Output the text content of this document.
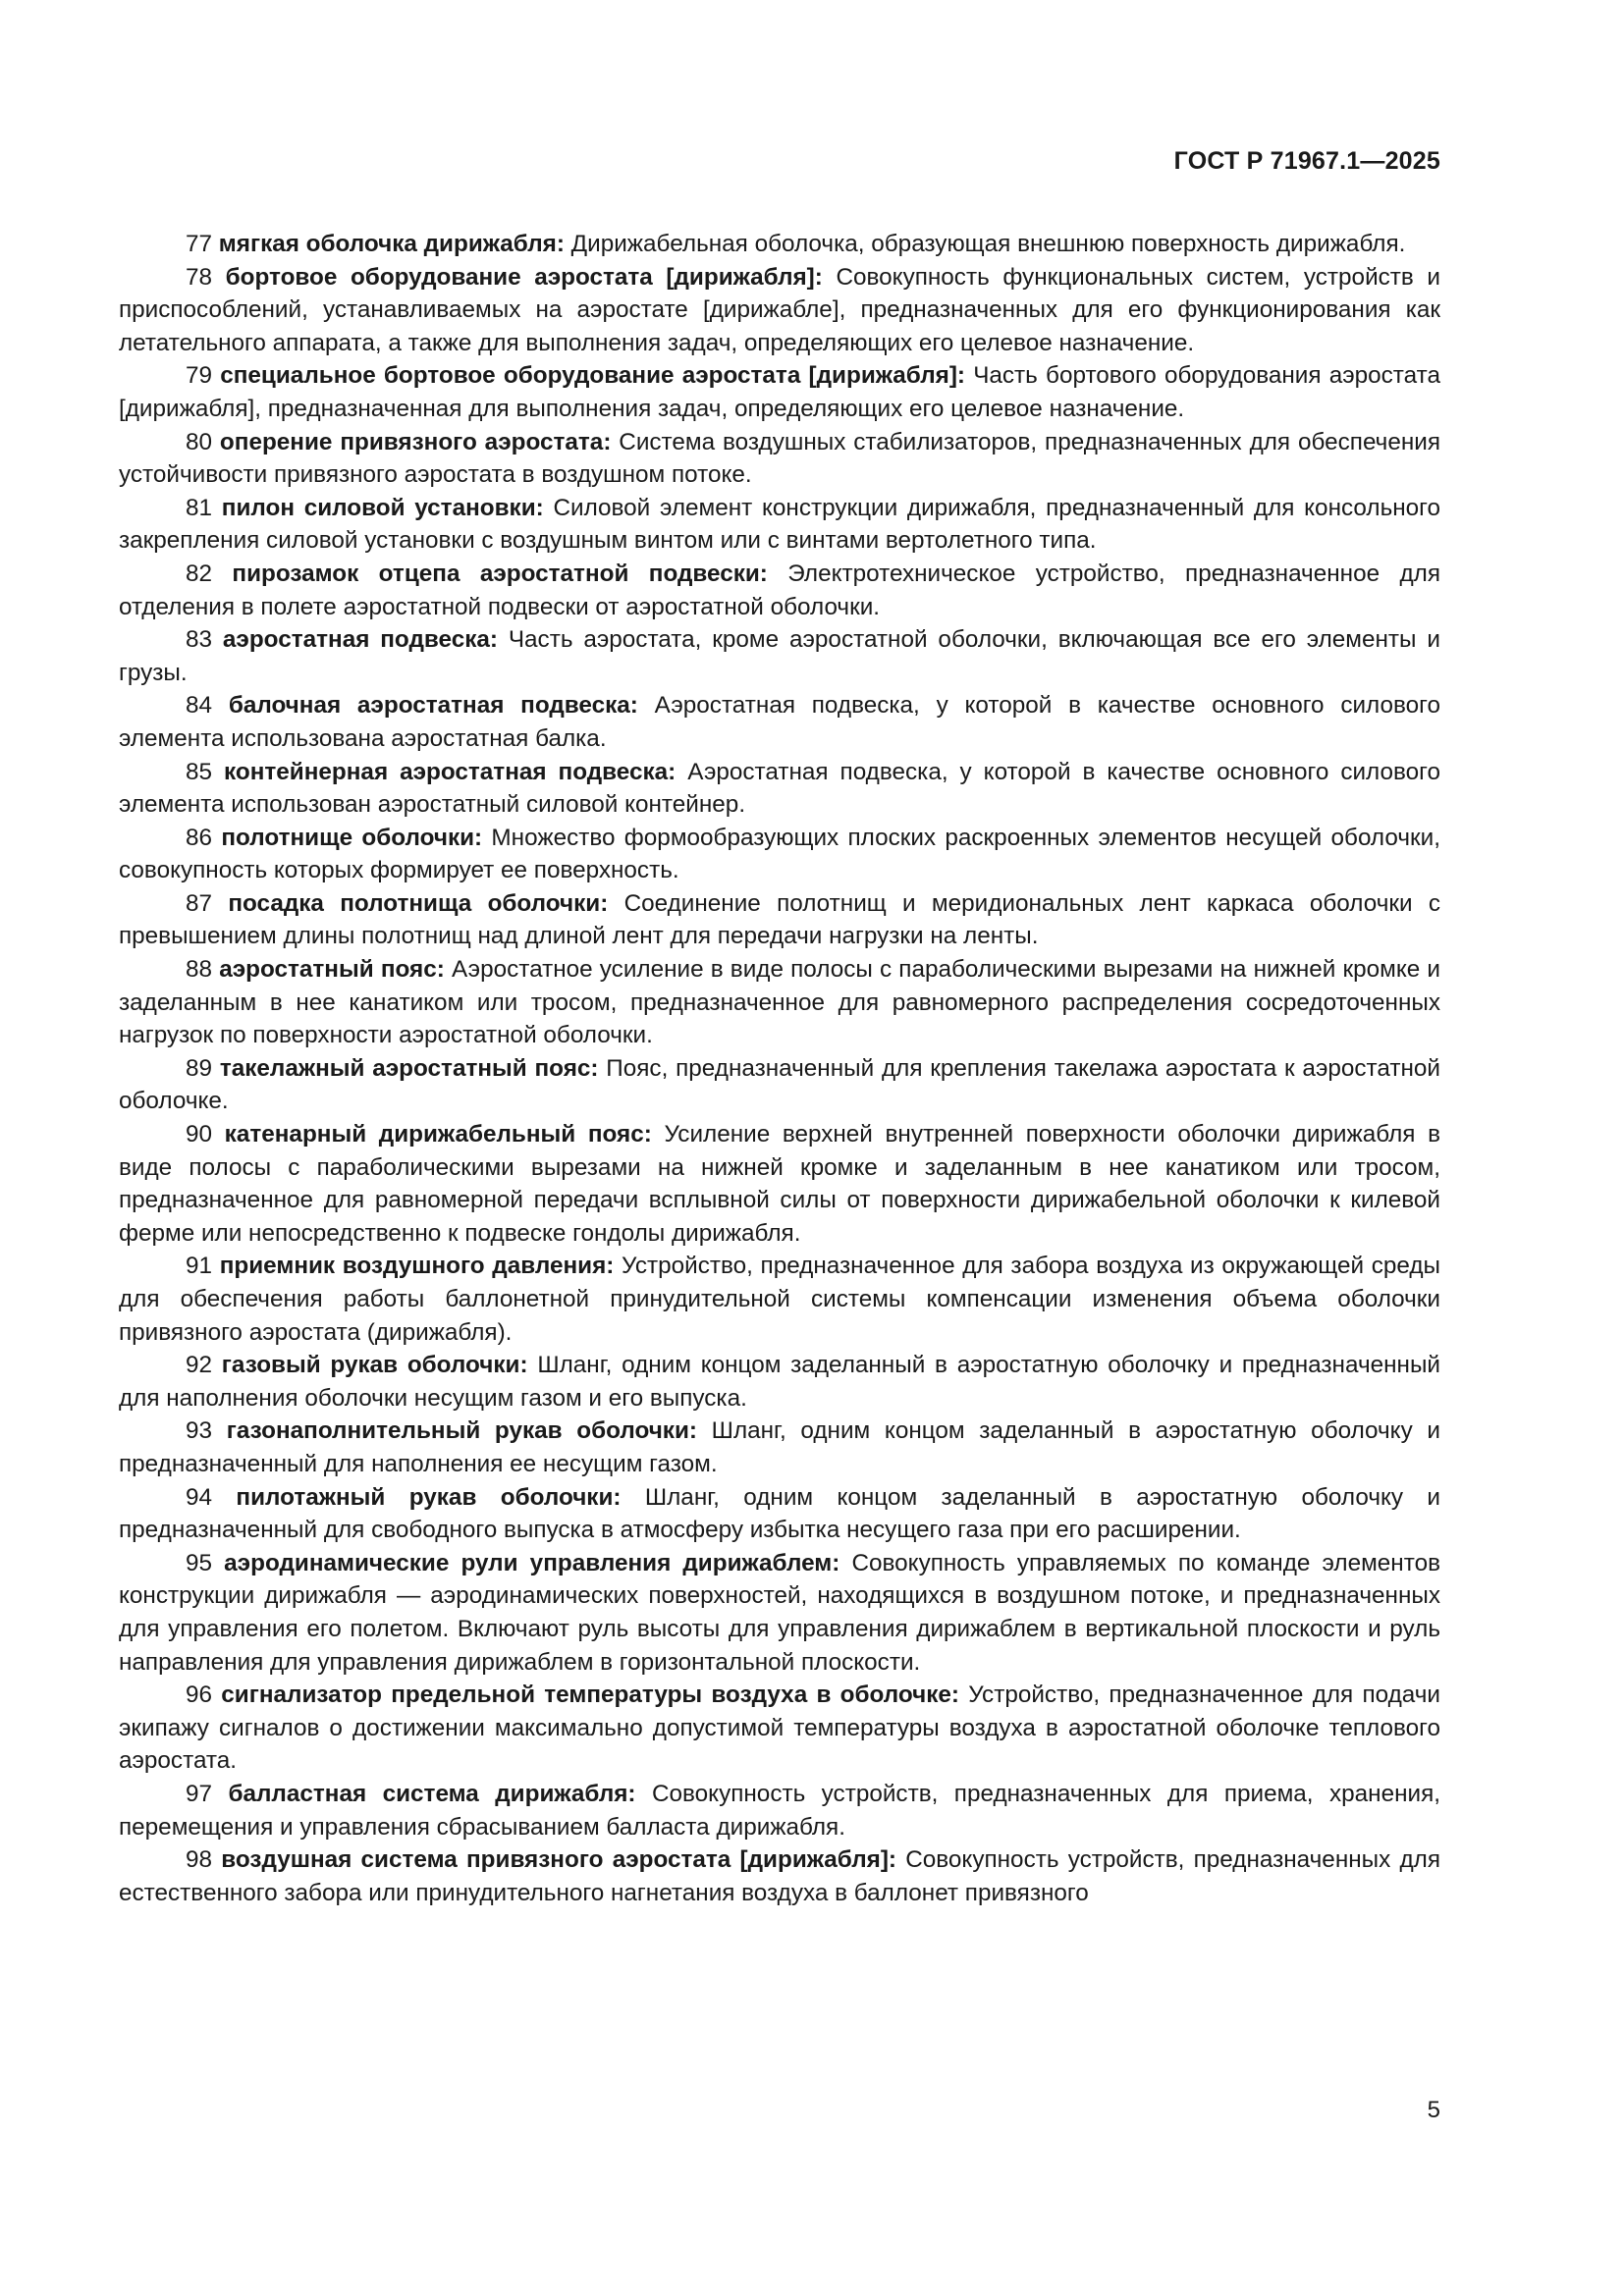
ГОСТ Р 71967.1—2025

77 мягкая оболочка дирижабля: Дирижабельная оболочка, образующая внешнюю поверхность дирижабля.

78 бортовое оборудование аэростата [дирижабля]: Совокупность функциональных систем, устройств и приспособлений, устанавливаемых на аэростате [дирижабле], предназначенных для его функционирования как летательного аппарата, а также для выполнения задач, определяющих его целевое назначение.

79 специальное бортовое оборудование аэростата [дирижабля]: Часть бортового оборудования аэростата [дирижабля], предназначенная для выполнения задач, определяющих его целевое назначение.

80 оперение привязного аэростата: Система воздушных стабилизаторов, предназначенных для обеспечения устойчивости привязного аэростата в воздушном потоке.

81 пилон силовой установки: Силовой элемент конструкции дирижабля, предназначенный для консольного закрепления силовой установки с воздушным винтом или с винтами вертолетного типа.

82 пирозамок отцепа аэростатной подвески: Электротехническое устройство, предназначенное для отделения в полете аэростатной подвески от аэростатной оболочки.

83 аэростатная подвеска: Часть аэростата, кроме аэростатной оболочки, включающая все его элементы и грузы.

84 балочная аэростатная подвеска: Аэростатная подвеска, у которой в качестве основного силового элемента использована аэростатная балка.

85 контейнерная аэростатная подвеска: Аэростатная подвеска, у которой в качестве основного силового элемента использован аэростатный силовой контейнер.

86 полотнище оболочки: Множество формообразующих плоских раскроенных элементов несущей оболочки, совокупность которых формирует ее поверхность.

87 посадка полотнища оболочки: Соединение полотнищ и меридиональных лент каркаса оболочки с превышением длины полотнищ над длиной лент для передачи нагрузки на ленты.

88 аэростатный пояс: Аэростатное усиление в виде полосы с параболическими вырезами на нижней кромке и заделанным в нее канатиком или тросом, предназначенное для равномерного распределения сосредоточенных нагрузок по поверхности аэростатной оболочки.

89 такелажный аэростатный пояс: Пояс, предназначенный для крепления такелажа аэростата к аэростатной оболочке.

90 катенарный дирижабельный пояс: Усиление верхней внутренней поверхности оболочки дирижабля в виде полосы с параболическими вырезами на нижней кромке и заделанным в нее канатиком или тросом, предназначенное для равномерной передачи всплывной силы от поверхности дирижабельной оболочки к килевой ферме или непосредственно к подвеске гондолы дирижабля.

91 приемник воздушного давления: Устройство, предназначенное для забора воздуха из окружающей среды для обеспечения работы баллонетной принудительной системы компенсации изменения объема оболочки привязного аэростата (дирижабля).

92 газовый рукав оболочки: Шланг, одним концом заделанный в аэростатную оболочку и предназначенный для наполнения оболочки несущим газом и его выпуска.

93 газонаполнительный рукав оболочки: Шланг, одним концом заделанный в аэростатную оболочку и предназначенный для наполнения ее несущим газом.

94 пилотажный рукав оболочки: Шланг, одним концом заделанный в аэростатную оболочку и предназначенный для свободного выпуска в атмосферу избытка несущего газа при его расширении.

95 аэродинамические рули управления дирижаблем: Совокупность управляемых по команде элементов конструкции дирижабля — аэродинамических поверхностей, находящихся в воздушном потоке, и предназначенных для управления его полетом. Включают руль высоты для управления дирижаблем в вертикальной плоскости и руль направления для управления дирижаблем в горизонтальной плоскости.

96 сигнализатор предельной температуры воздуха в оболочке: Устройство, предназначенное для подачи экипажу сигналов о достижении максимально допустимой температуры воздуха в аэростатной оболочке теплового аэростата.

97 балластная система дирижабля: Совокупность устройств, предназначенных для приема, хранения, перемещения и управления сбрасыванием балласта дирижабля.

98 воздушная система привязного аэростата [дирижабля]: Совокупность устройств, предназначенных для естественного забора или принудительного нагнетания воздуха в баллонет привязного

5
